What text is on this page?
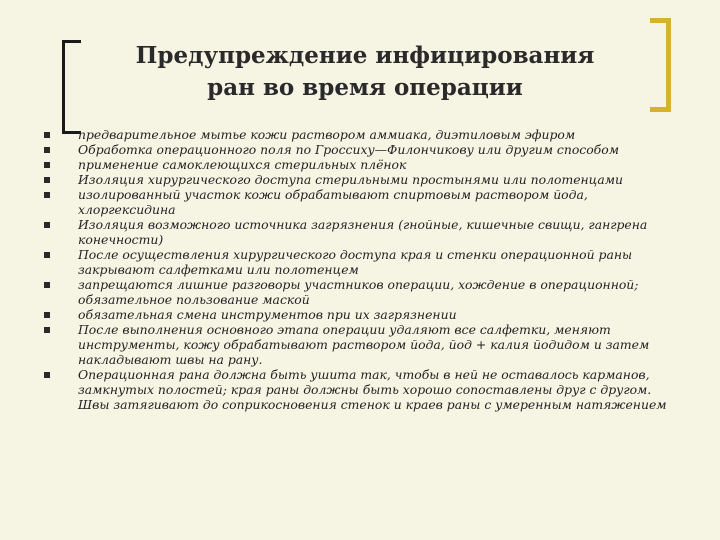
Предупреждение инфицирования
ран во время операции
предварительное мытье кожи раствором аммиака, диэтиловым эфиром
Обработка операционного поля по Гроссиху—Филончикову или другим способом
применение самоклеющихся стерильных плёнок
Изоляция хирургического доступа стерильными простынями или полотенцами
изолированный участок кожи обрабатывают спиртовым раствором йода, хлоргексидина
Изоляция возможного источника загрязнения (гнойные, кишечные свищи, гангрена конечности)
После осуществления хирургического доступа края и стенки операционной раны закрывают салфетками или полотенцем
запрещаются лишние разговоры участников операции, хождение в операционной; обязательное пользование маской
обязательная смена инструментов при их загрязнении
После выполнения основного этапа операции удаляют все салфетки, меняют инструменты, кожу обрабатывают раствором йода, йод + калия йодидом и затем накладывают швы на рану.
Операционная рана должна быть ушита так, чтобы в ней не оставалось карманов, замкнутых полостей; края раны должны быть хорошо сопоставлены друг с другом. Швы затягивают до соприкосновения стенок и краев раны с умеренным натяжением
